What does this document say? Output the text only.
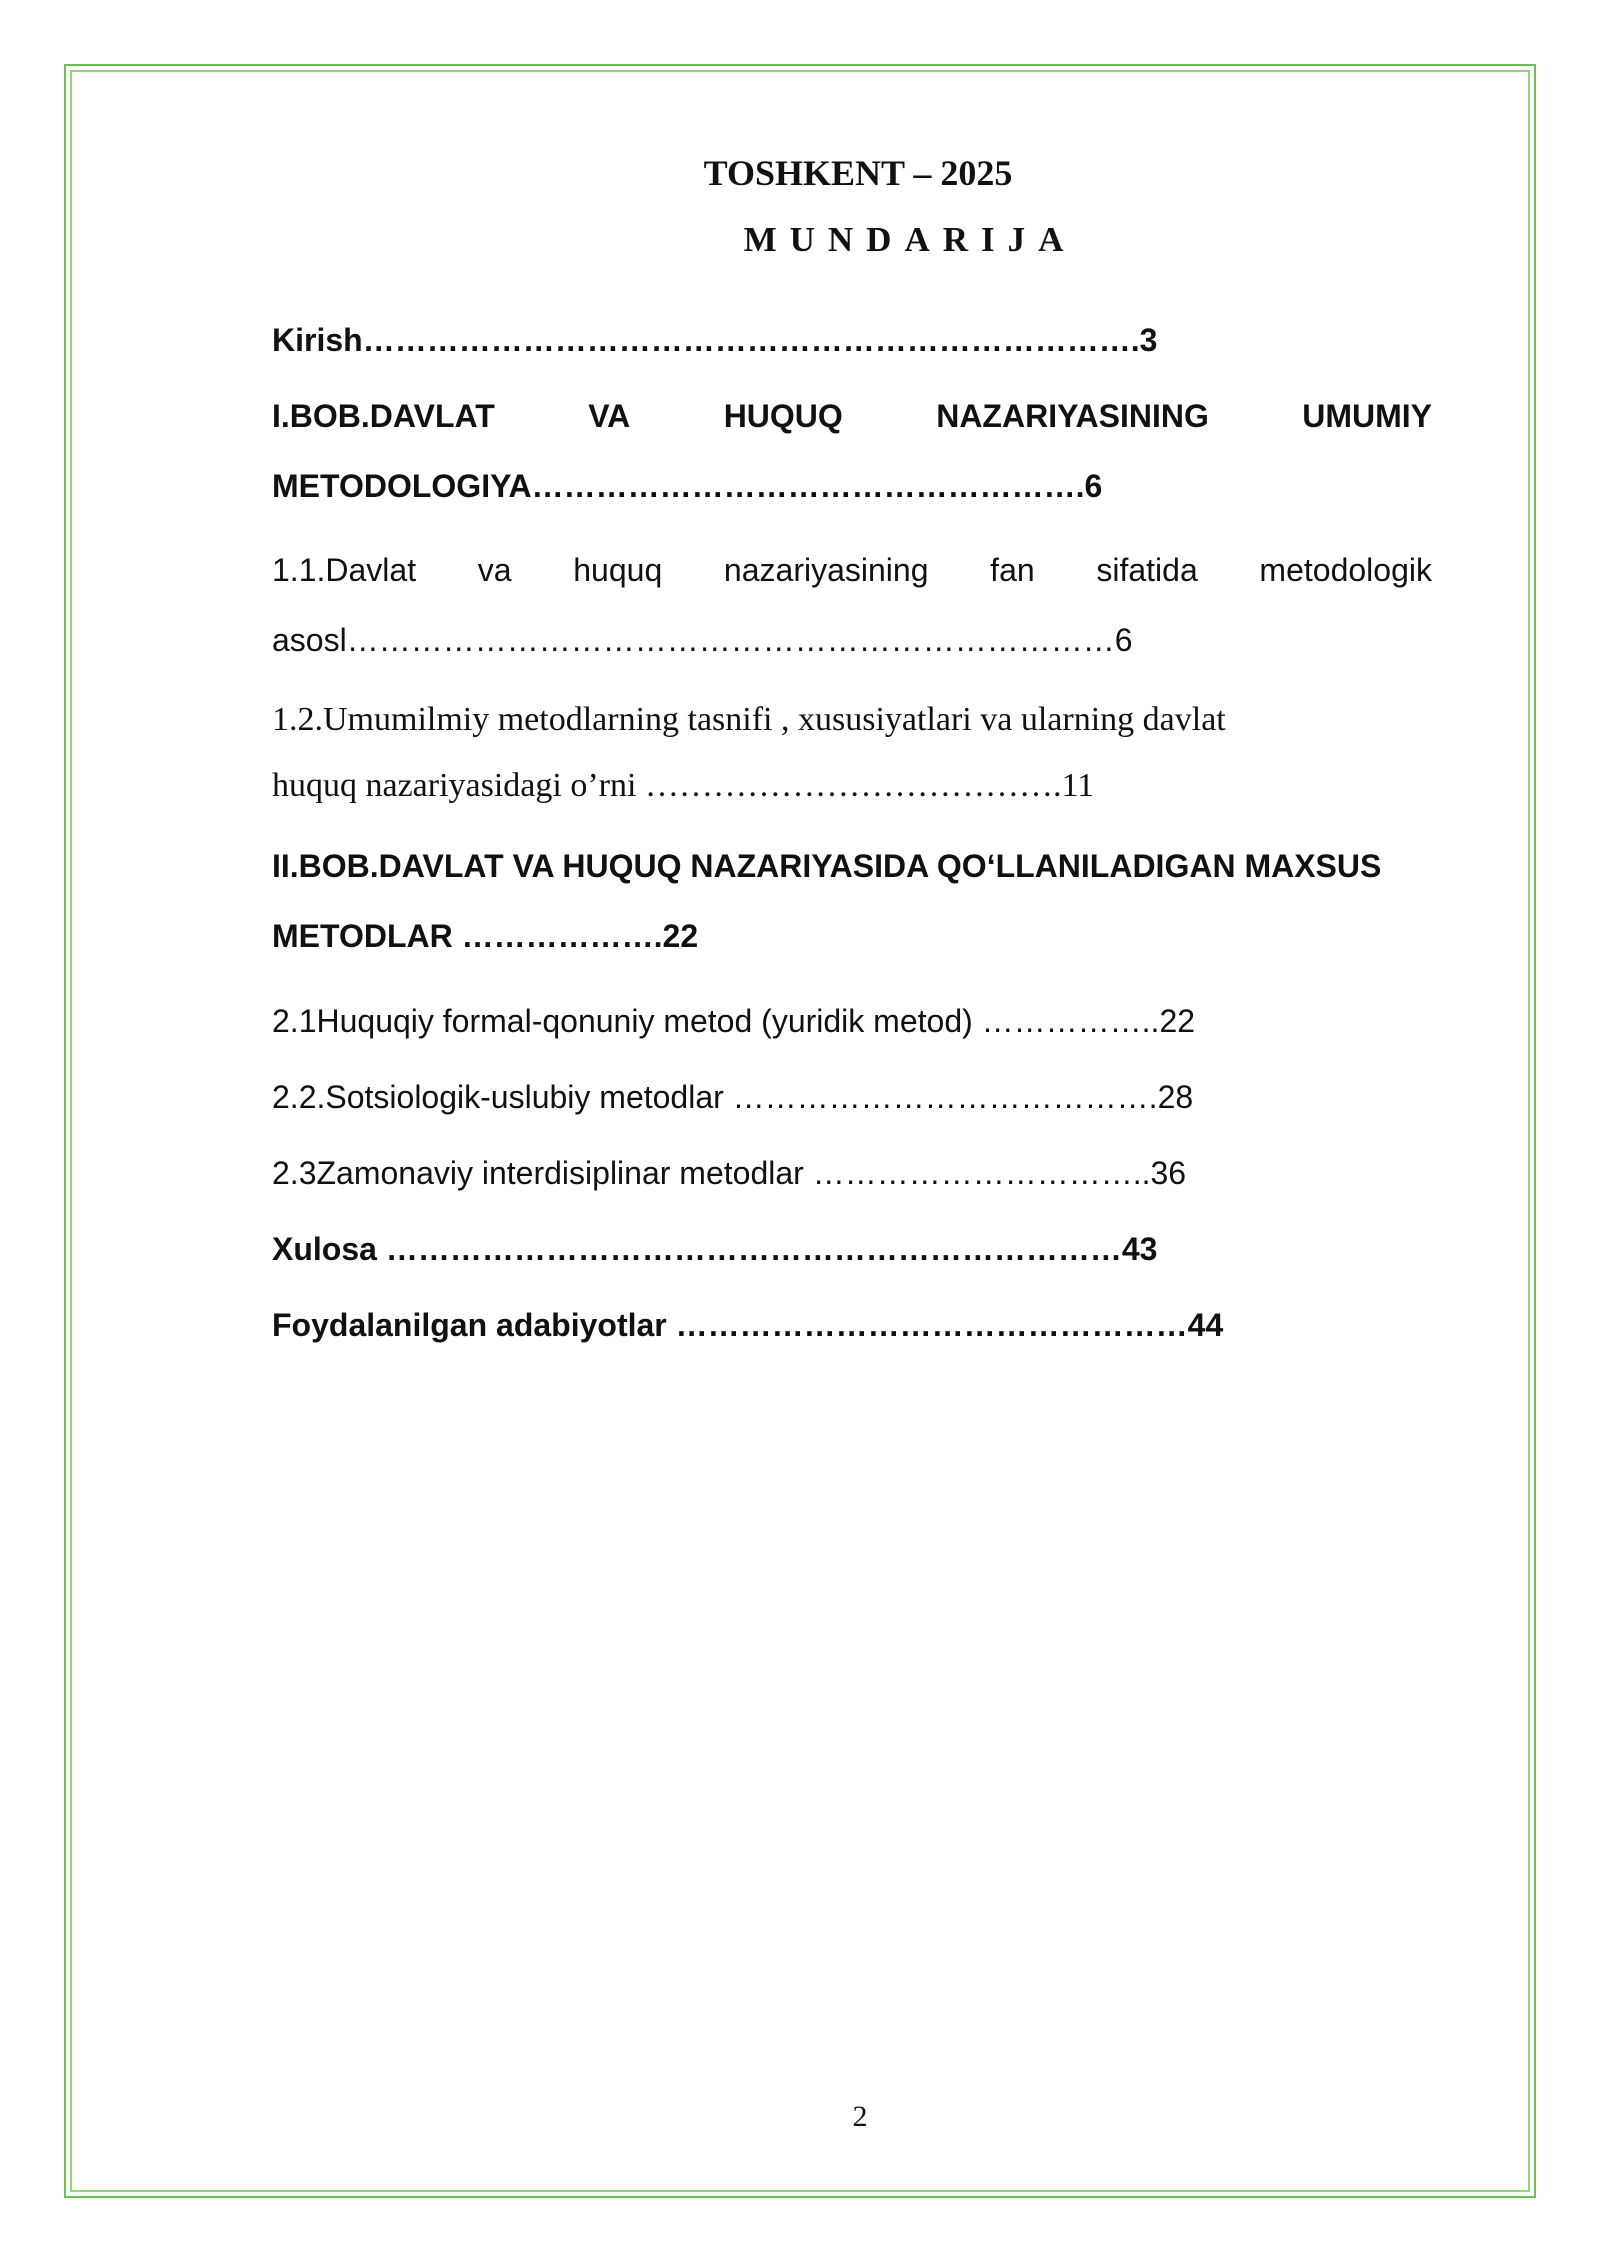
TOSHKENT – 2025
MUNDARIJA

Kirish……………………………………………………………….3

I.BOB.DAVLAT	VA	HUQUQ	NAZARIYASINING	UMUMIY

METODOLOGIYA…………………………………………….6

1.1.Davlat va huquq nazariyasining fan sifatida metodologik

asosl………………………………………………………………6

1.2.Umumilmiy metodlarning tasnifi , xususiyatlari va ularning davlat

huquq nazariyasidagi o’rni ……………………………….11

II.BOB.DAVLAT VA HUQUQ NAZARIYASIDA QOʻLLANILADIGAN MAXSUS

METODLAR ……………….22

2.1Huquqiy formal-qonuniy metod (yuridik metod) ……………..22

2.2.Sotsiologik-uslubiy metodlar ………………………………….28

2.3Zamonaviy interdisiplinar metodlar …………………………..36

Xulosa ……………………………………………………………43

Foydalanilgan adabiyotlar …………………………………………44

2
